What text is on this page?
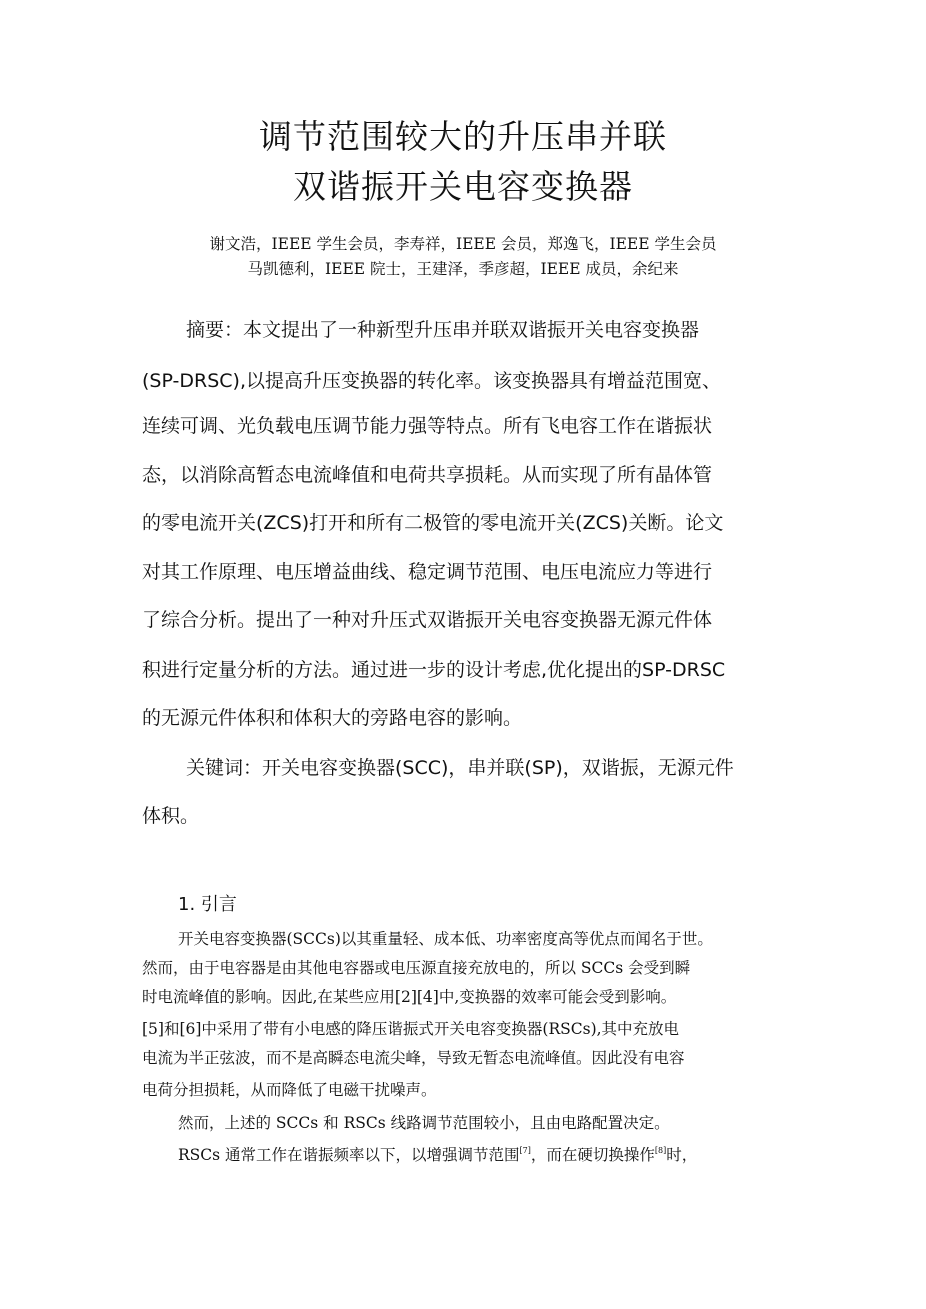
调节范围较大的升压串并联
双谐振开关电容变换器
谢文浩，IEEE 学生会员，李寿祥，IEEE 会员，郑逸飞，IEEE 学生会员
马凯德利，IEEE 院士，王建泽，季彦超，IEEE 成员，余纪来
摘要：本文提出了一种新型升压串并联双谐振开关电容变换器
(SP-DRSC),以提高升压变换器的转化率。该变换器具有增益范围宽、
连续可调、光负载电压调节能力强等特点。所有飞电容工作在谐振状
态，以消除高暂态电流峰值和电荷共享损耗。从而实现了所有晶体管
的零电流开关(ZCS)打开和所有二极管的零电流开关(ZCS)关断。论文
对其工作原理、电压增益曲线、稳定调节范围、电压电流应力等进行
了综合分析。提出了一种对升压式双谐振开关电容变换器无源元件体
积进行定量分析的方法。通过进一步的设计考虑,优化提出的SP-DRSC
的无源元件体积和体积大的旁路电容的影响。
关键词：开关电容变换器(SCC)，串并联(SP)，双谐振，无源元件
体积。
1. 引言
开关电容变换器(SCCs)以其重量轻、成本低、功率密度高等优点而闻名于世。
然而，由于电容器是由其他电容器或电压源直接充放电的，所以 SCCs 会受到瞬
时电流峰值的影响。因此,在某些应用[2][4]中,变换器的效率可能会受到影响。
[5]和[6]中采用了带有小电感的降压谐振式开关电容变换器(RSCs),其中充放电
电流为半正弦波，而不是高瞬态电流尖峰，导致无暂态电流峰值。因此没有电容
电荷分担损耗，从而降低了电磁干扰噪声。
然而，上述的 SCCs 和 RSCs 线路调节范围较小，且由电路配置决定。
RSCs 通常工作在谐振频率以下，以增强调节范围[7]，而在硬切换操作[8]时，
